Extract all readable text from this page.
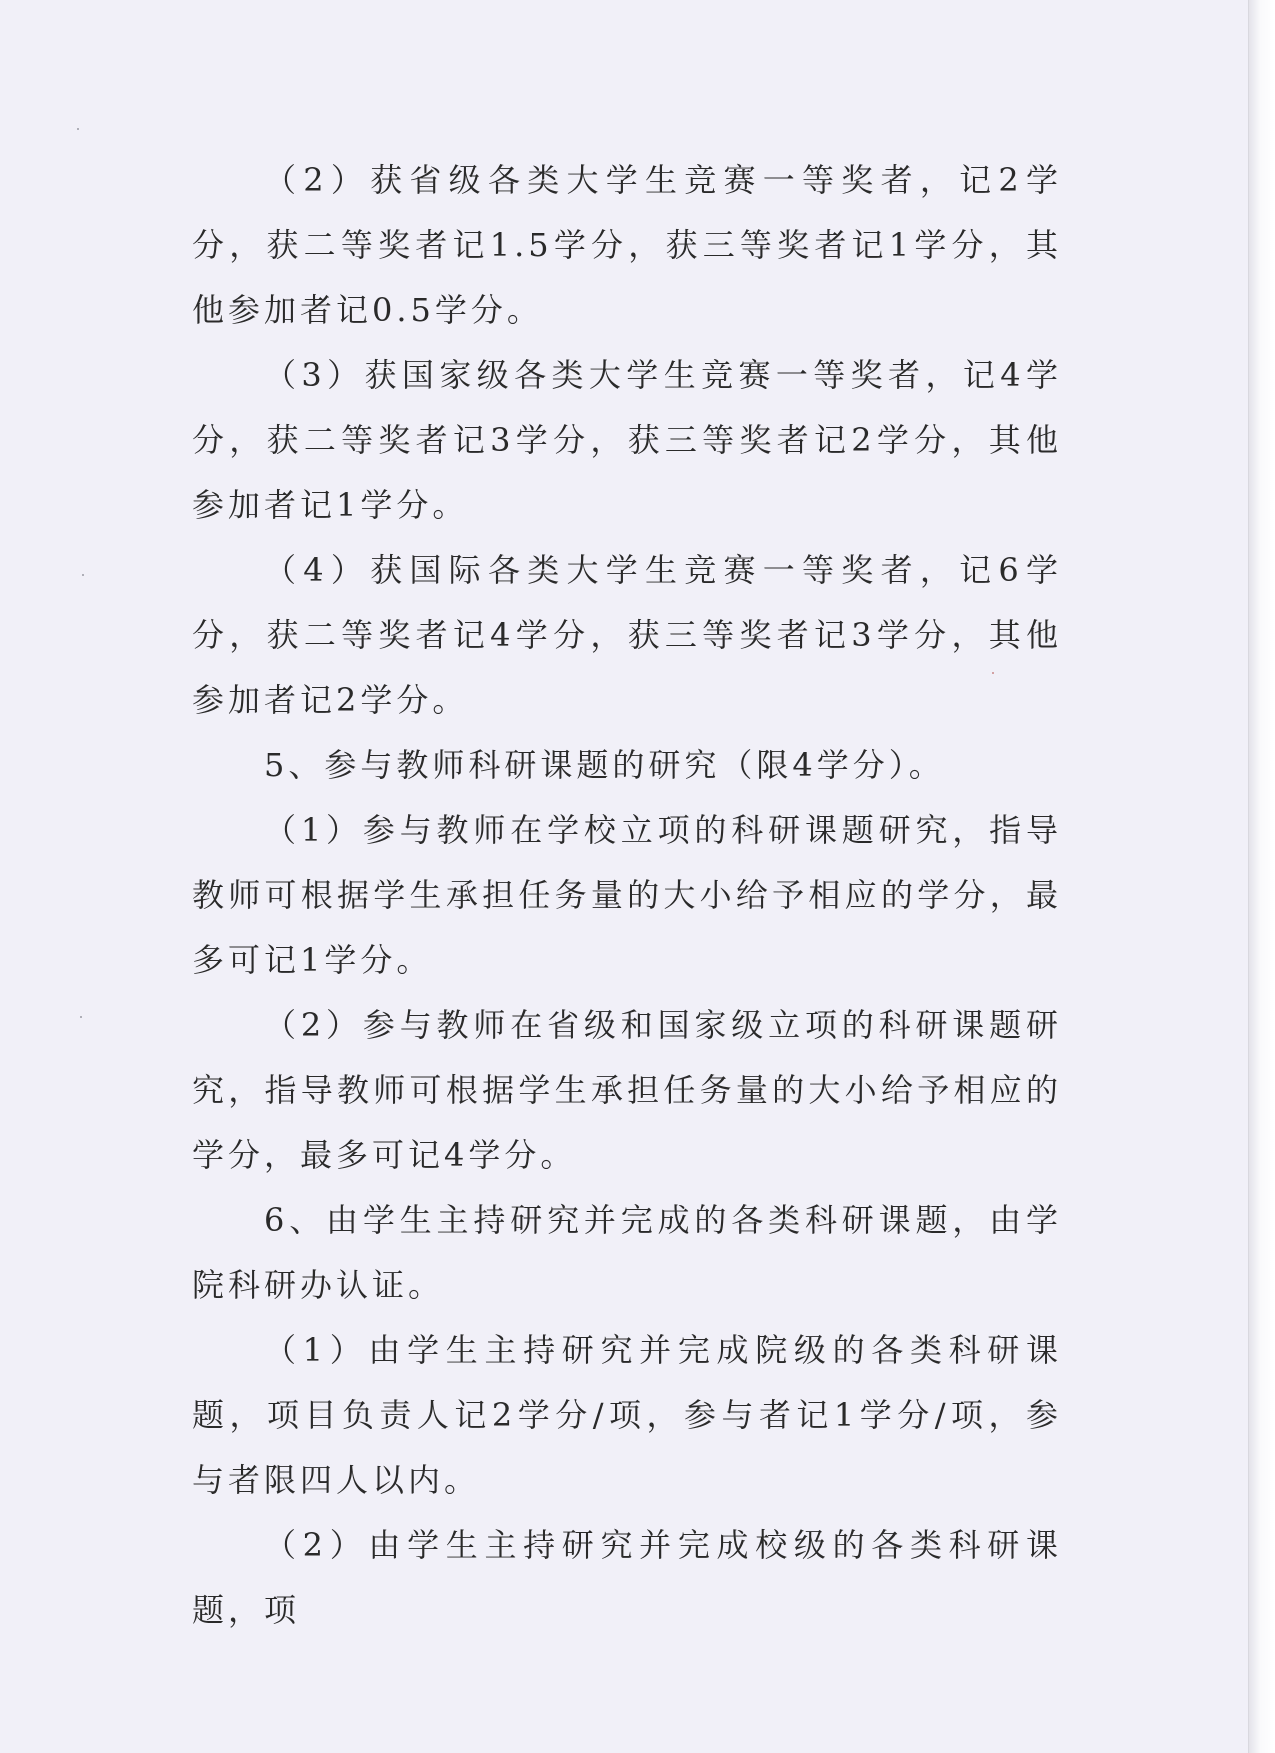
（2）获省级各类大学生竞赛一等奖者，记2学分，获二等奖者记1.5学分，获三等奖者记1学分，其他参加者记0.5学分。

（3）获国家级各类大学生竞赛一等奖者，记4学分，获二等奖者记3学分，获三等奖者记2学分，其他参加者记1学分。

（4）获国际各类大学生竞赛一等奖者，记6学分，获二等奖者记4学分，获三等奖者记3学分，其他参加者记2学分。

5、参与教师科研课题的研究（限4学分）。

（1）参与教师在学校立项的科研课题研究，指导教师可根据学生承担任务量的大小给予相应的学分，最多可记1学分。

（2）参与教师在省级和国家级立项的科研课题研究，指导教师可根据学生承担任务量的大小给予相应的学分，最多可记4学分。

6、由学生主持研究并完成的各类科研课题，由学院科研办认证。

（1）由学生主持研究并完成院级的各类科研课题，项目负责人记2学分/项，参与者记1学分/项，参与者限四人以内。

（2）由学生主持研究并完成校级的各类科研课题，项
